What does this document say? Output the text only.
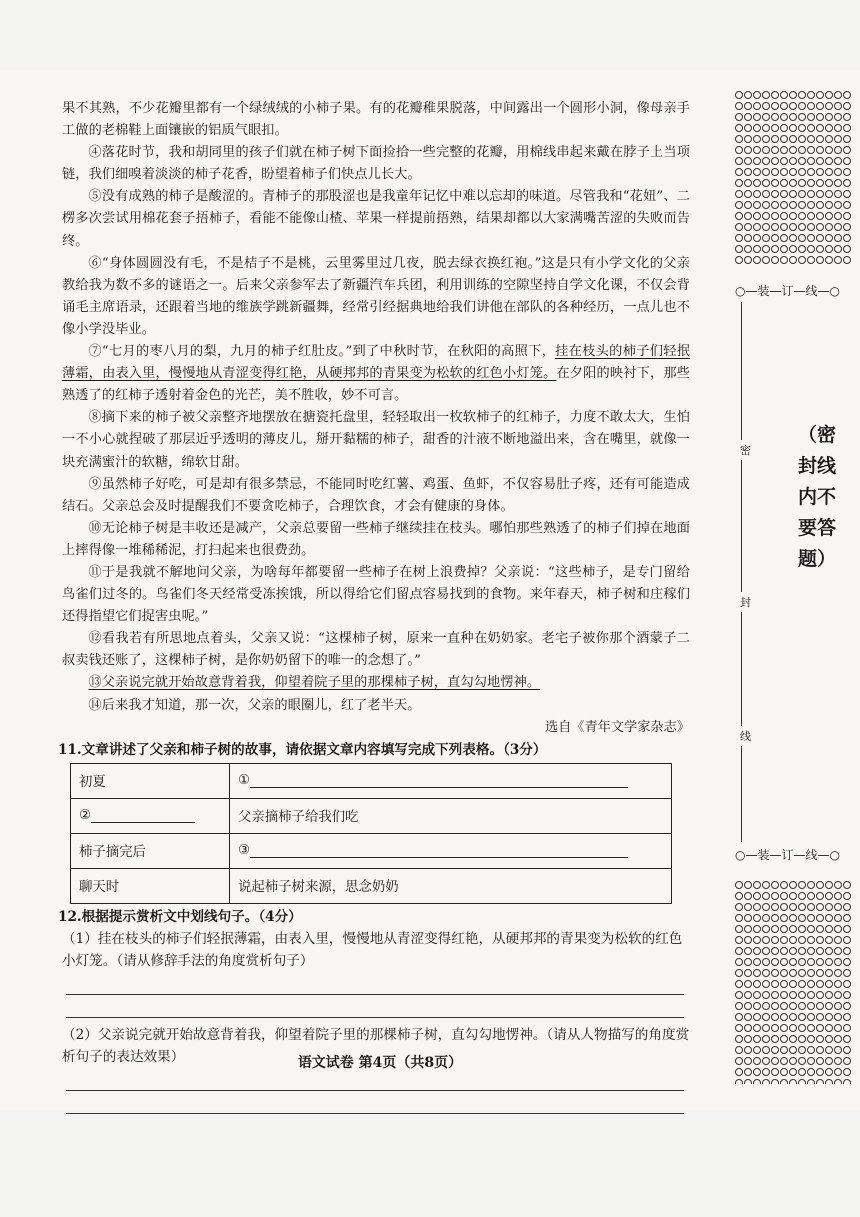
果不其熟，不少花瓣里都有一个绿绒绒的小柿子果。有的花瓣稚果脱落，中间露出一个圆形小洞，像母亲手工做的老棉鞋上面镶嵌的铝质气眼扣。

④落花时节，我和胡同里的孩子们就在柿子树下面捡拾一些完整的花瓣，用棉线串起来戴在脖子上当项链，我们细嗅着淡淡的柿子花香，盼望着柿子们快点儿长大。

⑤没有成熟的柿子是酸涩的。青柿子的那股涩也是我童年记忆中难以忘却的味道。尽管我和“花妞”、二楞多次尝试用棉花套子捂柿子，看能不能像山楂、苹果一样提前捂熟，结果却都以大家满嘴苦涩的失败而告终。

⑥“身体圆圆没有毛，不是桔子不是桃，云里雾里过几夜，脱去绿衣换红袍。”这是只有小学文化的父亲教给我为数不多的谜语之一。后来父亲参军去了新疆汽车兵团，利用训练的空隙坚持自学文化课，不仅会背诵毛主席语录，还跟着当地的维族学跳新疆舞，经常引经据典地给我们讲他在部队的各种经历，一点儿也不像小学没毕业。

⑦“七月的枣八月的梨，九月的柿子红肚皮。”到了中秋时节，在秋阳的高照下，挂在枝头的柿子们轻抿薄霜，由表入里，慢慢地从青涩变得红艳，从硬邦邦的青果变为松软的红色小灯笼。在夕阳的映衬下，那些熟透了的红柿子透射着金色的光芒，美不胜收，妙不可言。

⑧摘下来的柿子被父亲整齐地摆放在搪瓷托盘里，轻轻取出一枚软柿子的红柿子，力度不敢太大，生怕一不小心就捏破了那层近乎透明的薄皮儿，掰开黏糯的柿子，甜香的汁液不断地溢出来，含在嘴里，就像一块充满蜜汁的软糖，绵软甘甜。

⑨虽然柿子好吃，可是却有很多禁忌，不能同时吃红薯、鸡蛋、鱼虾，不仅容易肚子疼，还有可能造成结石。父亲总会及时提醒我们不要贪吃柿子，合理饮食，才会有健康的身体。

⑩无论柿子树是丰收还是减产，父亲总要留一些柿子继续挂在枝头。哪怕那些熟透了的柿子们掉在地面上摔得像一堆稀稀泥，打扫起来也很费劲。

⑪于是我就不解地问父亲，为啥每年都要留一些柿子在树上浪费掉？父亲说：“这些柿子，是专门留给鸟雀们过冬的。鸟雀们冬天经常受冻挨饿，所以得给它们留点容易找到的食物。来年春天，柿子树和庄稼们还得指望它们捉害虫呢。”

⑫看我若有所思地点着头，父亲又说：“这棵柿子树，原来一直种在奶奶家。老宅子被你那个酒蒙子二叔卖钱还账了，这棵柿子树，是你奶奶留下的唯一的念想了。”

⑬父亲说完就开始故意背着我，仰望着院子里的那棵柿子树，直勾勾地愣神。

⑭后来我才知道，那一次，父亲的眼圈儿，红了老半天。

选自《青年文学家杂志》

11.文章讲述了父亲和柿子树的故事，请依据文章内容填写完成下列表格。（3分）

初夏	①
②	父亲摘柿子给我们吃
柿子摘完后	③
聊天时	说起柿子树来源，思念奶奶

12.根据提示赏析文中划线句子。（4分）

（1）挂在枝头的柿子们轻抿薄霜，由表入里，慢慢地从青涩变得红艳，从硬邦邦的青果变为松软的红色小灯笼。（请从修辞手法的角度赏析句子）

（2）父亲说完就开始故意背着我，仰望着院子里的那棵柿子树，直勾勾地愣神。（请从人物描写的角度赏析句子的表达效果）	语文试卷 第4页（共8页）
○—装—订—线—○
密
封
线
（密封线内不要答题）
○—装—订—线—○
